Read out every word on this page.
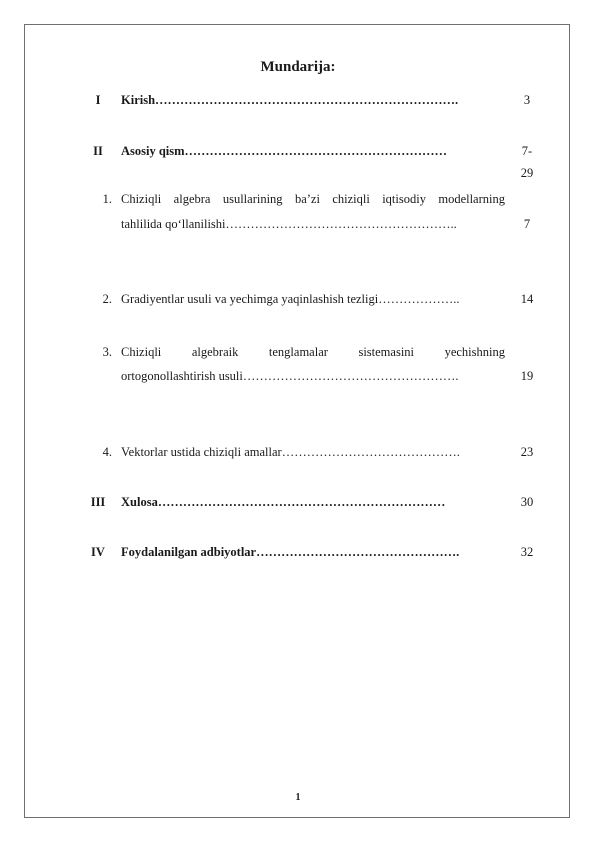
Mundarija:
I	Kirish……………………………………………………………….	3
II	Asosiy qism………………………………………………………	7-
29
1. Chiziqli algebra usullarining ba’zi chiziqli iqtisodiy modellarning
tahlilida qo‘llanilishi………………………………………………..	7
2. Gradiyentlar usuli va yechimga yaqinlashish tezligi………………..	14
3. Chiziqli algebraik tenglamalar sistemasini yechishning
ortogonollashtirish usuli…………………………………………….	19
4. Vektorlar ustida chiziqli amallar…………………………………….	23
III	Xulosa……………………………………………………………	30
IV	Foydalanilgan adbiyotlar………………………………………….	32
1
